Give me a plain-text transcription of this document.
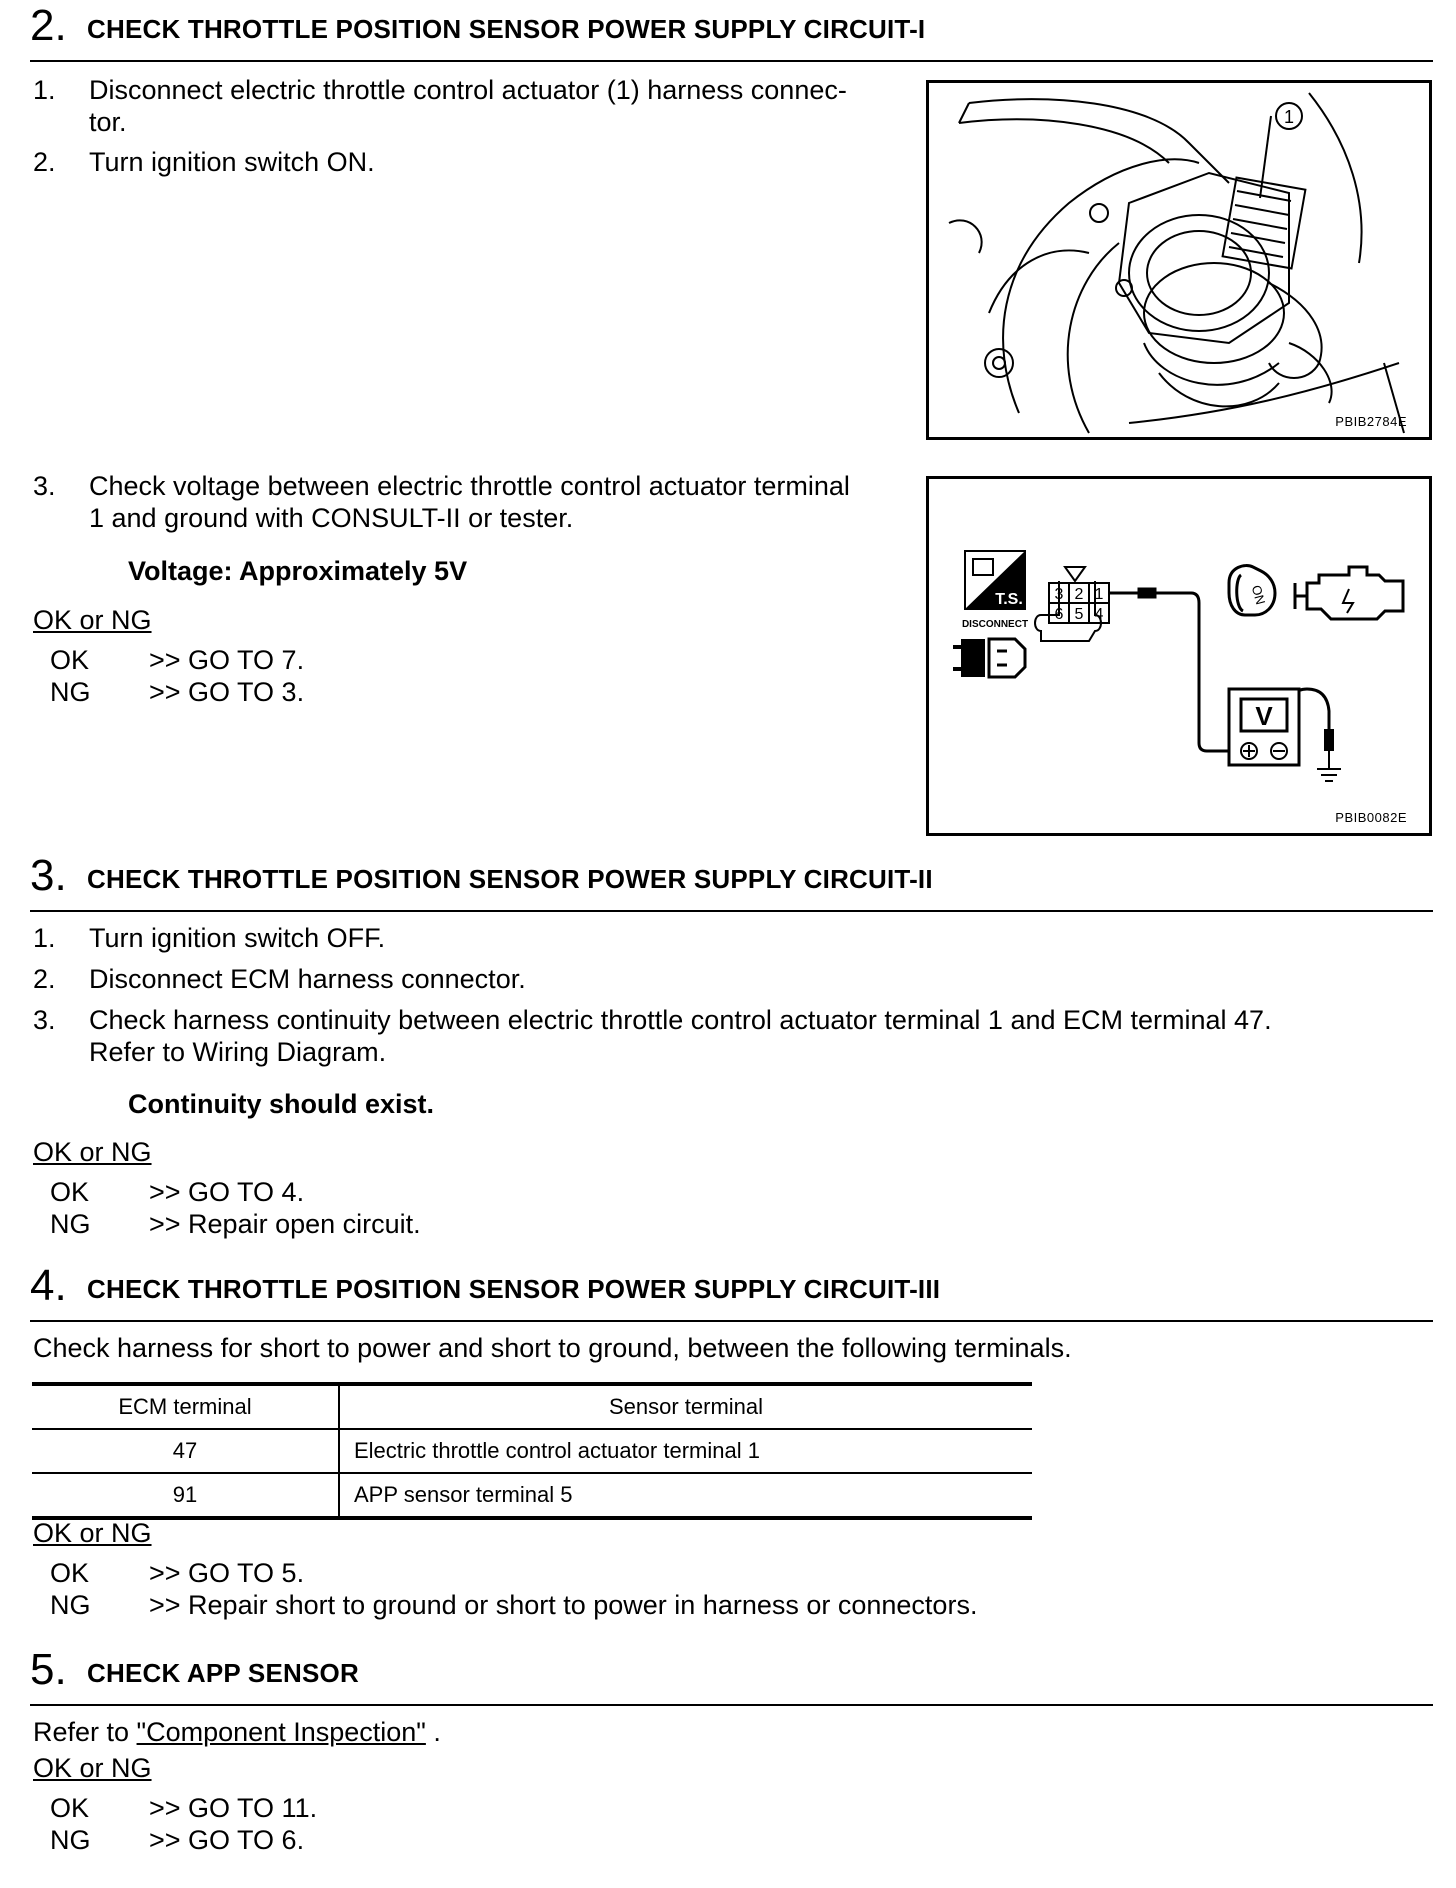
2. CHECK THROTTLE POSITION SENSOR POWER SUPPLY CIRCUIT-I
1. Disconnect electric throttle control actuator (1) harness connec-
tor.
2. Turn ignition switch ON.
1
PBIB2784E
3. Check voltage between electric throttle control actuator terminal
1 and ground with CONSULT-II or tester.
Voltage: Approximately 5V
OK or NG
OK >> GO TO 7.
NG >> GO TO 3.
T.S.
DISCONNECT
3 2 1
6 5 4
V
ON
PBIB0082E
3. CHECK THROTTLE POSITION SENSOR POWER SUPPLY CIRCUIT-II
1. Turn ignition switch OFF.
2. Disconnect ECM harness connector.
3. Check harness continuity between electric throttle control actuator terminal 1 and ECM terminal 47.
Refer to Wiring Diagram.
Continuity should exist.
OK or NG
OK >> GO TO 4.
NG >> Repair open circuit.
4. CHECK THROTTLE POSITION SENSOR POWER SUPPLY CIRCUIT-III
Check harness for short to power and short to ground, between the following terminals.
ECM terminal	Sensor terminal
47	Electric throttle control actuator terminal 1
91	APP sensor terminal 5
OK or NG
OK >> GO TO 5.
NG >> Repair short to ground or short to power in harness or connectors.
5. CHECK APP SENSOR
Refer to "Component Inspection" .
OK or NG
OK >> GO TO 11.
NG >> GO TO 6.
